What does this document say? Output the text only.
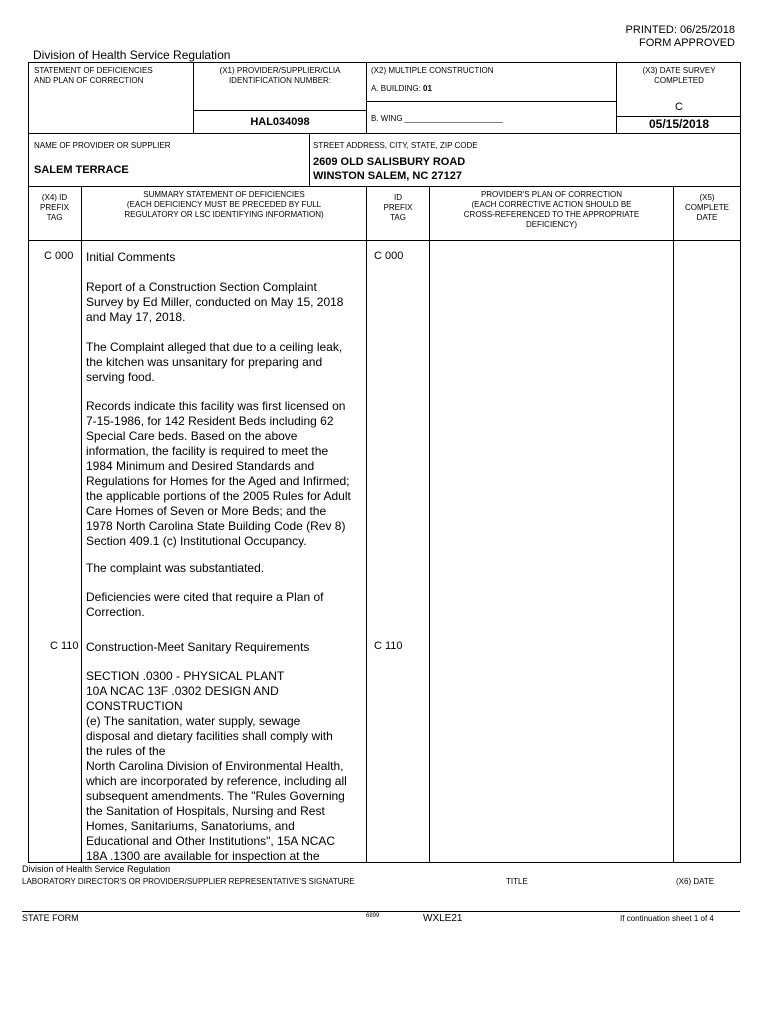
PRINTED: 06/25/2018
FORM APPROVED
Division of Health Service Regulation
STATEMENT OF DEFICIENCIES
AND PLAN OF CORRECTION
(X1) PROVIDER/SUPPLIER/CLIA
IDENTIFICATION NUMBER:
HAL034098
(X2) MULTIPLE CONSTRUCTION
A. BUILDING: 01
B. WING ______________________
(X3) DATE SURVEY
COMPLETED
C
05/15/2018
NAME OF PROVIDER OR SUPPLIER
SALEM TERRACE
STREET ADDRESS, CITY, STATE, ZIP CODE
2609 OLD SALISBURY ROAD
WINSTON SALEM, NC 27127
(X4) ID
PREFIX
TAG
SUMMARY STATEMENT OF DEFICIENCIES
(EACH DEFICIENCY MUST BE PRECEDED BY FULL
REGULATORY OR LSC IDENTIFYING INFORMATION)
ID
PREFIX
TAG
PROVIDER'S PLAN OF CORRECTION
(EACH CORRECTIVE ACTION SHOULD BE
CROSS-REFERENCED TO THE APPROPRIATE
DEFICIENCY)
(X5)
COMPLETE
DATE
C 000	C 000
Initial Comments

Report of a Construction Section Complaint
Survey by Ed Miller, conducted on May 15, 2018
and May 17, 2018.

The Complaint alleged that due to a ceiling leak,
the kitchen was unsanitary for preparing and
serving food.

Records indicate this facility was first licensed on
7-15-1986, for 142 Resident Beds including 62
Special Care beds. Based on the above
information, the facility is required to meet the
1984 Minimum and Desired Standards and
Regulations for Homes for the Aged and Infirmed;
the applicable portions of the 2005 Rules for Adult
Care Homes of Seven or More Beds; and the
1978 North Carolina State Building Code (Rev 8)
Section 409.1 (c) Institutional Occupancy.

The complaint was substantiated.

Deficiencies were cited that require a Plan of
Correction.

C 110	C 110
Construction-Meet Sanitary Requirements

SECTION .0300 - PHYSICAL PLANT
10A NCAC 13F .0302 DESIGN AND
CONSTRUCTION
(e) The sanitation, water supply, sewage
disposal and dietary facilities shall comply with
the rules of the
North Carolina Division of Environmental Health,
which are incorporated by reference, including all
subsequent amendments. The "Rules Governing
the Sanitation of Hospitals, Nursing and Rest
Homes, Sanitariums, Sanatoriums, and
Educational and Other Institutions", 15A NCAC
18A .1300 are available for inspection at the

Division of Health Service Regulation
LABORATORY DIRECTOR'S OR PROVIDER/SUPPLIER REPRESENTATIVE'S SIGNATURE	TITLE	(X6) DATE
STATE FORM	6899	WXLE21	If continuation sheet 1 of 4
